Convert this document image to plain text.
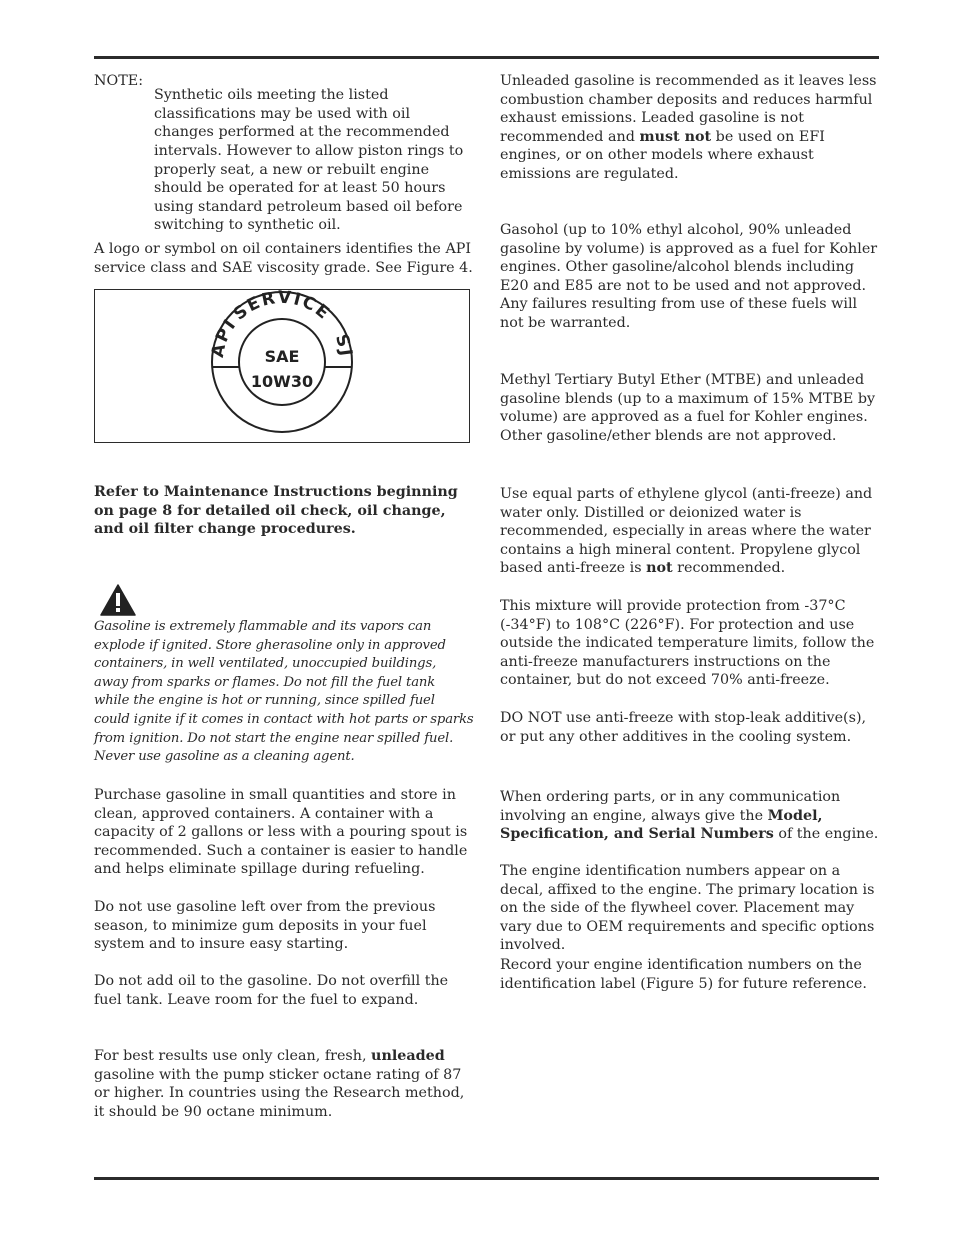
NOTE:

Synthetic oils meeting the listed classifications may be used with oil changes performed at the recommended intervals. However to allow piston rings to properly seat, a new or rebuilt engine should be operated for at least 50 hours using standard petroleum based oil before switching to synthetic oil.

A logo or symbol on oil containers identifies the API service class and SAE viscosity grade. See Figure 4.

API
SERVICE
SJ
SAE
10W30

Refer to Maintenance Instructions beginning on page 8 for detailed oil check, oil change, and oil filter change procedures.

Gasoline is extremely flammable and its vapors can explode if ignited. Store gherasoline only in approved containers, in well ventilated, unoccupied buildings, away from sparks or flames. Do not fill the fuel tank while the engine is hot or running, since spilled fuel could ignite if it comes in contact with hot parts or sparks from ignition. Do not start the engine near spilled fuel. Never use gasoline as a cleaning agent.

Purchase gasoline in small quantities and store in clean, approved containers. A container with a capacity of 2 gallons or less with a pouring spout is recommended. Such a container is easier to handle and helps eliminate spillage during refueling.

Do not use gasoline left over from the previous season, to minimize gum deposits in your fuel system and to insure easy starting.

Do not add oil to the gasoline. Do not overfill the fuel tank. Leave room for the fuel to expand.

For best results use only clean, fresh, unleaded gasoline with the pump sticker octane rating of 87 or higher. In countries using the Research method, it should be 90 octane minimum.

Unleaded gasoline is recommended as it leaves less combustion chamber deposits and reduces harmful exhaust emissions. Leaded gasoline is not recommended and must not be used on EFI engines, or on other models where exhaust emissions are regulated.

Gasohol (up to 10% ethyl alcohol, 90% unleaded gasoline by volume) is approved as a fuel for Kohler engines. Other gasoline/alcohol blends including E20 and E85 are not to be used and not approved. Any failures resulting from use of these fuels will not be warranted.

Methyl Tertiary Butyl Ether (MTBE) and unleaded gasoline blends (up to a maximum of 15% MTBE by volume) are approved as a fuel for Kohler engines. Other gasoline/ether blends are not approved.

Use equal parts of ethylene glycol (anti-freeze) and water only. Distilled or deionized water is recommended, especially in areas where the water contains a high mineral content. Propylene glycol based anti-freeze is not recommended.

This mixture will provide protection from -37°C (-34°F) to 108°C (226°F). For protection and use outside the indicated temperature limits, follow the anti-freeze manufacturers instructions on the container, but do not exceed 70% anti-freeze.

DO NOT use anti-freeze with stop-leak additive(s), or put any other additives in the cooling system.

When ordering parts, or in any communication involving an engine, always give the Model, Specification, and Serial Numbers of the engine.

The engine identification numbers appear on a decal, affixed to the engine. The primary location is on the side of the flywheel cover. Placement may vary due to OEM requirements and specific options involved.

Record your engine identification numbers on the identification label (Figure 5) for future reference.
